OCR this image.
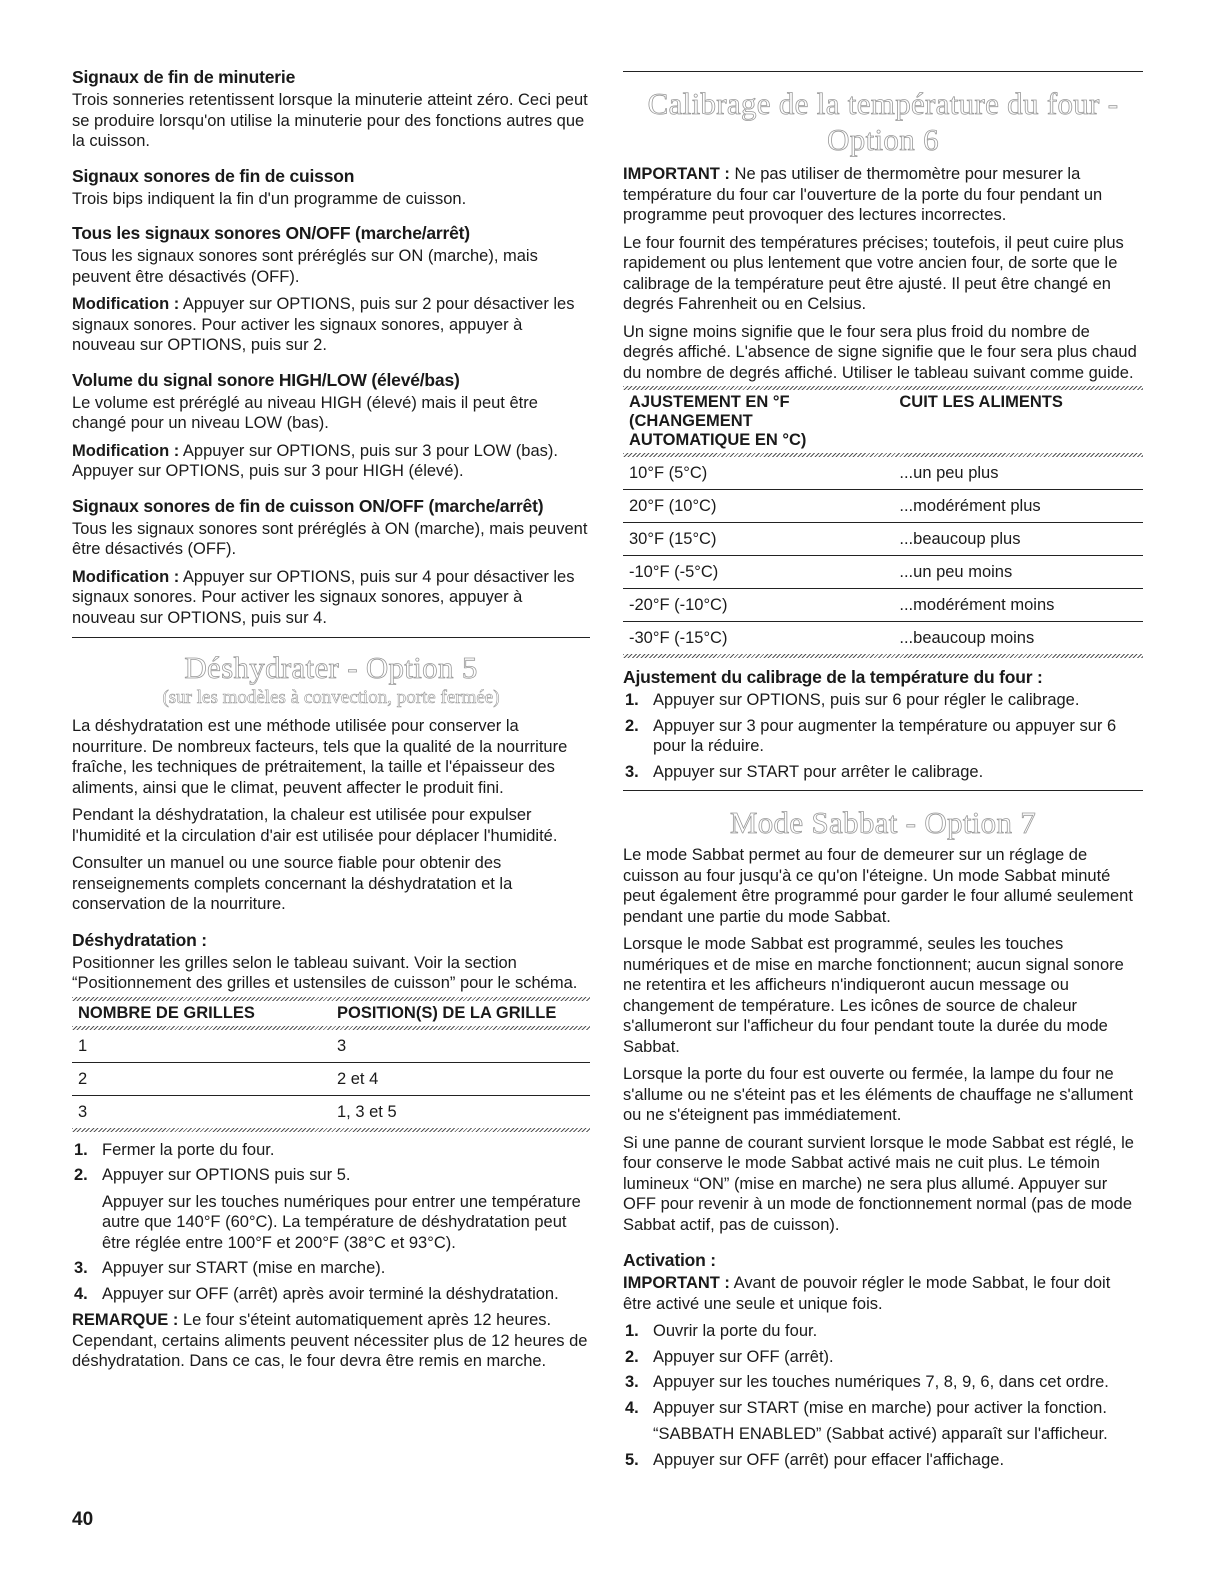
Signaux de fin de minuterie

Trois sonneries retentissent lorsque la minuterie atteint zéro. Ceci peut se produire lorsqu'on utilise la minuterie pour des fonctions autres que la cuisson.

Signaux sonores de fin de cuisson

Trois bips indiquent la fin d'un programme de cuisson.

Tous les signaux sonores ON/OFF (marche/arrêt)

Tous les signaux sonores sont préréglés sur ON (marche), mais peuvent être désactivés (OFF).

Modification : Appuyer sur OPTIONS, puis sur 2 pour désactiver les signaux sonores. Pour activer les signaux sonores, appuyer à nouveau sur OPTIONS, puis sur 2.

Volume du signal sonore HIGH/LOW (élevé/bas)

Le volume est préréglé au niveau HIGH (élevé) mais il peut être changé pour un niveau LOW (bas).

Modification : Appuyer sur OPTIONS, puis sur 3 pour LOW (bas). Appuyer sur OPTIONS, puis sur 3 pour HIGH (élevé).

Signaux sonores de fin de cuisson ON/OFF (marche/arrêt)

Tous les signaux sonores sont préréglés à ON (marche), mais peuvent être désactivés (OFF).

Modification : Appuyer sur OPTIONS, puis sur 4 pour désactiver les signaux sonores. Pour activer les signaux sonores, appuyer à nouveau sur OPTIONS, puis sur 4.

Déshydrater - Option 5
(sur les modèles à convection, porte fermée)

La déshydratation est une méthode utilisée pour conserver la nourriture. De nombreux facteurs, tels que la qualité de la nourriture fraîche, les techniques de prétraitement, la taille et l'épaisseur des aliments, ainsi que le climat, peuvent affecter le produit fini.

Pendant la déshydratation, la chaleur est utilisée pour expulser l'humidité et la circulation d'air est utilisée pour déplacer l'humidité.

Consulter un manuel ou une source fiable pour obtenir des renseignements complets concernant la déshydratation et la conservation de la nourriture.

Déshydratation :

Positionner les grilles selon le tableau suivant. Voir la section “Positionnement des grilles et ustensiles de cuisson” pour le schéma.

NOMBRE DE GRILLES	POSITION(S) DE LA GRILLE
1	3
2	2 et 4
3	1, 3 et 5
1. Fermer la porte du four.
2. Appuyer sur OPTIONS puis sur 5.
Appuyer sur les touches numériques pour entrer une température autre que 140°F (60°C). La température de déshydratation peut être réglée entre 100°F et 200°F (38°C et 93°C).
3. Appuyer sur START (mise en marche).
4. Appuyer sur OFF (arrêt) après avoir terminé la déshydratation.

REMARQUE : Le four s'éteint automatiquement après 12 heures. Cependant, certains aliments peuvent nécessiter plus de 12 heures de déshydratation. Dans ce cas, le four devra être remis en marche.

Calibrage de la température du four - Option 6

IMPORTANT : Ne pas utiliser de thermomètre pour mesurer la température du four car l'ouverture de la porte du four pendant un programme peut provoquer des lectures incorrectes.

Le four fournit des températures précises; toutefois, il peut cuire plus rapidement ou plus lentement que votre ancien four, de sorte que le calibrage de la température peut être ajusté. Il peut être changé en degrés Fahrenheit ou en Celsius.

Un signe moins signifie que le four sera plus froid du nombre de degrés affiché. L'absence de signe signifie que le four sera plus chaud du nombre de degrés affiché. Utiliser le tableau suivant comme guide.

AJUSTEMENT EN °F (CHANGEMENT AUTOMATIQUE EN °C)	CUIT LES ALIMENTS
10°F (5°C)	...un peu plus
20°F (10°C)	...modérément plus
30°F (15°C)	...beaucoup plus
-10°F (-5°C)	...un peu moins
-20°F (-10°C)	...modérément moins
-30°F (-15°C)	...beaucoup moins
Ajustement du calibrage de la température du four :
1. Appuyer sur OPTIONS, puis sur 6 pour régler le calibrage.
2. Appuyer sur 3 pour augmenter la température ou appuyer sur 6 pour la réduire.
3. Appuyer sur START pour arrêter le calibrage.
Mode Sabbat - Option 7

Le mode Sabbat permet au four de demeurer sur un réglage de cuisson au four jusqu'à ce qu'on l'éteigne. Un mode Sabbat minuté peut également être programmé pour garder le four allumé seulement pendant une partie du mode Sabbat.

Lorsque le mode Sabbat est programmé, seules les touches numériques et de mise en marche fonctionnent; aucun signal sonore ne retentira et les afficheurs n'indiqueront aucun message ou changement de température. Les icônes de source de chaleur s'allumeront sur l'afficheur du four pendant toute la durée du mode Sabbat.

Lorsque la porte du four est ouverte ou fermée, la lampe du four ne s'allume ou ne s'éteint pas et les éléments de chauffage ne s'allument ou ne s'éteignent pas immédiatement.

Si une panne de courant survient lorsque le mode Sabbat est réglé, le four conserve le mode Sabbat activé mais ne cuit plus. Le témoin lumineux “ON” (mise en marche) ne sera plus allumé. Appuyer sur OFF pour revenir à un mode de fonctionnement normal (pas de mode Sabbat actif, pas de cuisson).

Activation :

IMPORTANT : Avant de pouvoir régler le mode Sabbat, le four doit être activé une seule et unique fois.

1. Ouvrir la porte du four.
2. Appuyer sur OFF (arrêt).
3. Appuyer sur les touches numériques 7, 8, 9, 6, dans cet ordre.
4. Appuyer sur START (mise en marche) pour activer la fonction.
“SABBATH ENABLED” (Sabbat activé) apparaît sur l'afficheur.
5. Appuyer sur OFF (arrêt) pour effacer l'affichage.
40
